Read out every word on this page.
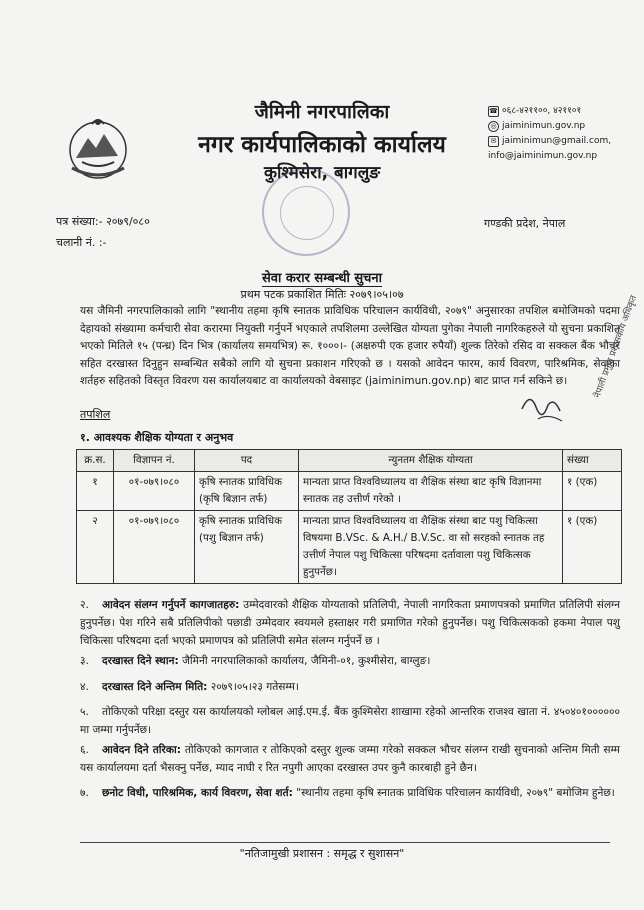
जैमिनी नगरपालिका
नगर कार्यपालिकाको कार्यालय
कुश्मिसेरा, बागलुङ
☎ ०६८-४२११००, ४२११०१
◎ jaiminimun.gov.np
✉ jaiminimun@gmail.com,
info@jaiminimun.gov.np
पत्र संख्या:- २०७९/०८०
चलानी नं. :-
गण्डकी प्रदेश, नेपाल
सेवा करार सम्बन्धी सुचना
प्रथम पटक प्रकाशित मितिः २०७९।०५।०७
यस जैमिनी नगरपालिकाको लागि "स्थानीय तहमा कृषि स्नातक प्राविधिक परिचालन कार्यविधी, २०७९" अनुसारका तपशिल बमोजिमको पदमा देहायको संख्यामा कर्मचारी सेवा करारमा नियुक्ती गर्नुपर्ने भएकाले तपशिलमा उल्लेखित योग्यता पुगेका नेपाली नागरिकहरुले यो सुचना प्रकाशित भएको मितिले १५ (पन्ध्र) दिन भित्र (कार्यालय समयभित्र) रू. १०००।- (अक्षरुपी एक हजार रुपैयाँ) शुल्क तिरेको रसिद वा सक्कल बैंक भौचर सहित दरखास्त दिनुहुन सम्बन्धित सबैको लागि यो सुचना प्रकाशन गरिएको छ । यसको आवेदन फारम, कार्य विवरण, पारिश्रमिक, सेवाका शर्तहरु सहितको विस्तृत विवरण यस कार्यालयबाट वा कार्यालयको वेबसाइट (jaiminimun.gov.np) बाट प्राप्त गर्न सकिने छ।
तपशिल
नेपाली प्रमुख प्रशासकीय अधिकृत
१. आवश्यक शैक्षिक योग्यता र अनुभव
क्र.स.	विज्ञापन नं.	पद	न्युनतम शैक्षिक योग्यता	संख्या
१	०१-०७९।०८०	कृषि स्नातक प्राविधिक (कृषि बिज्ञान तर्फ)	मान्यता प्राप्त विश्वविध्यालय वा शैक्षिक संस्था बाट कृषि विज्ञानमा स्नातक तह उत्तीर्ण गरेको ।	१ (एक)
२	०१-०७९।०८०	कृषि स्नातक प्राविधिक (पशु बिज्ञान तर्फ)	मान्यता प्राप्त विश्वविध्यालय वा शैक्षिक संस्था बाट पशु चिकित्सा विषयमा B.VSc. & A.H./ B.V.Sc. वा सो सरहको स्नातक तह उत्तीर्ण नेपाल पशु चिकित्सा परिषदमा दर्तावाला पशु चिकित्सक हुनुपर्नेछ।	१ (एक)
२. आवेदन संलग्न गर्नुपर्ने कागजातहरु: उम्मेदवारको शैक्षिक योग्यताको प्रतिलिपी, नेपाली नागरिकता प्रमाणपत्रको प्रमाणित प्रतिलिपी संलग्न हुनुपर्नेछ। पेश गरिने सबै प्रतिलिपीको पछाडी उम्मेदवार स्वयमले हस्ताक्षर गरी प्रमाणित गरेको हुनुपर्नेछ। पशु चिकित्सकको हकमा नेपाल पशु चिकित्सा परिषदमा दर्ता भएको प्रमाणपत्र को प्रतिलिपी समेत संलग्न गर्नुपर्ने छ ।
३. दरखास्त दिने स्थान: जैमिनी नगरपालिकाको कार्यालय, जैमिनी-०१, कुश्मीसेरा, बाग्लुङ।
४. दरखास्त दिने अन्तिम मिति: २०७९।०५।२३ गतेसम्म।
५. तोकिएको परिक्षा दस्तुर यस कार्यालयको ग्लोबल आई.एम.ई. बैंक कुश्मिसेरा शाखामा रहेको आन्तरिक राजश्व खाता नं. ४५०४०१०००००० मा जम्मा गर्नुपर्नेछ।
६. आवेदन दिने तरिका: तोकिएको कागजात र तोकिएको दस्तुर शुल्क जम्मा गरेको सक्कल भौचर संलग्न राखी सुचनाको अन्तिम मिती सम्म यस कार्यालयमा दर्ता भैसक्नु पर्नेछ, म्याद नाघी र रित नपुगी आएका दरखास्त उपर कुनै कारबाही हुने छैन।
७. छनोट विधी, पारिश्रमिक, कार्य विवरण, सेवा शर्त: "स्थानीय तहमा कृषि स्नातक प्राविधिक परिचालन कार्यविधी, २०७९" बमोजिम हुनेछ।
"नतिजामुखी प्रशासन : समृद्ध र सुशासन"
